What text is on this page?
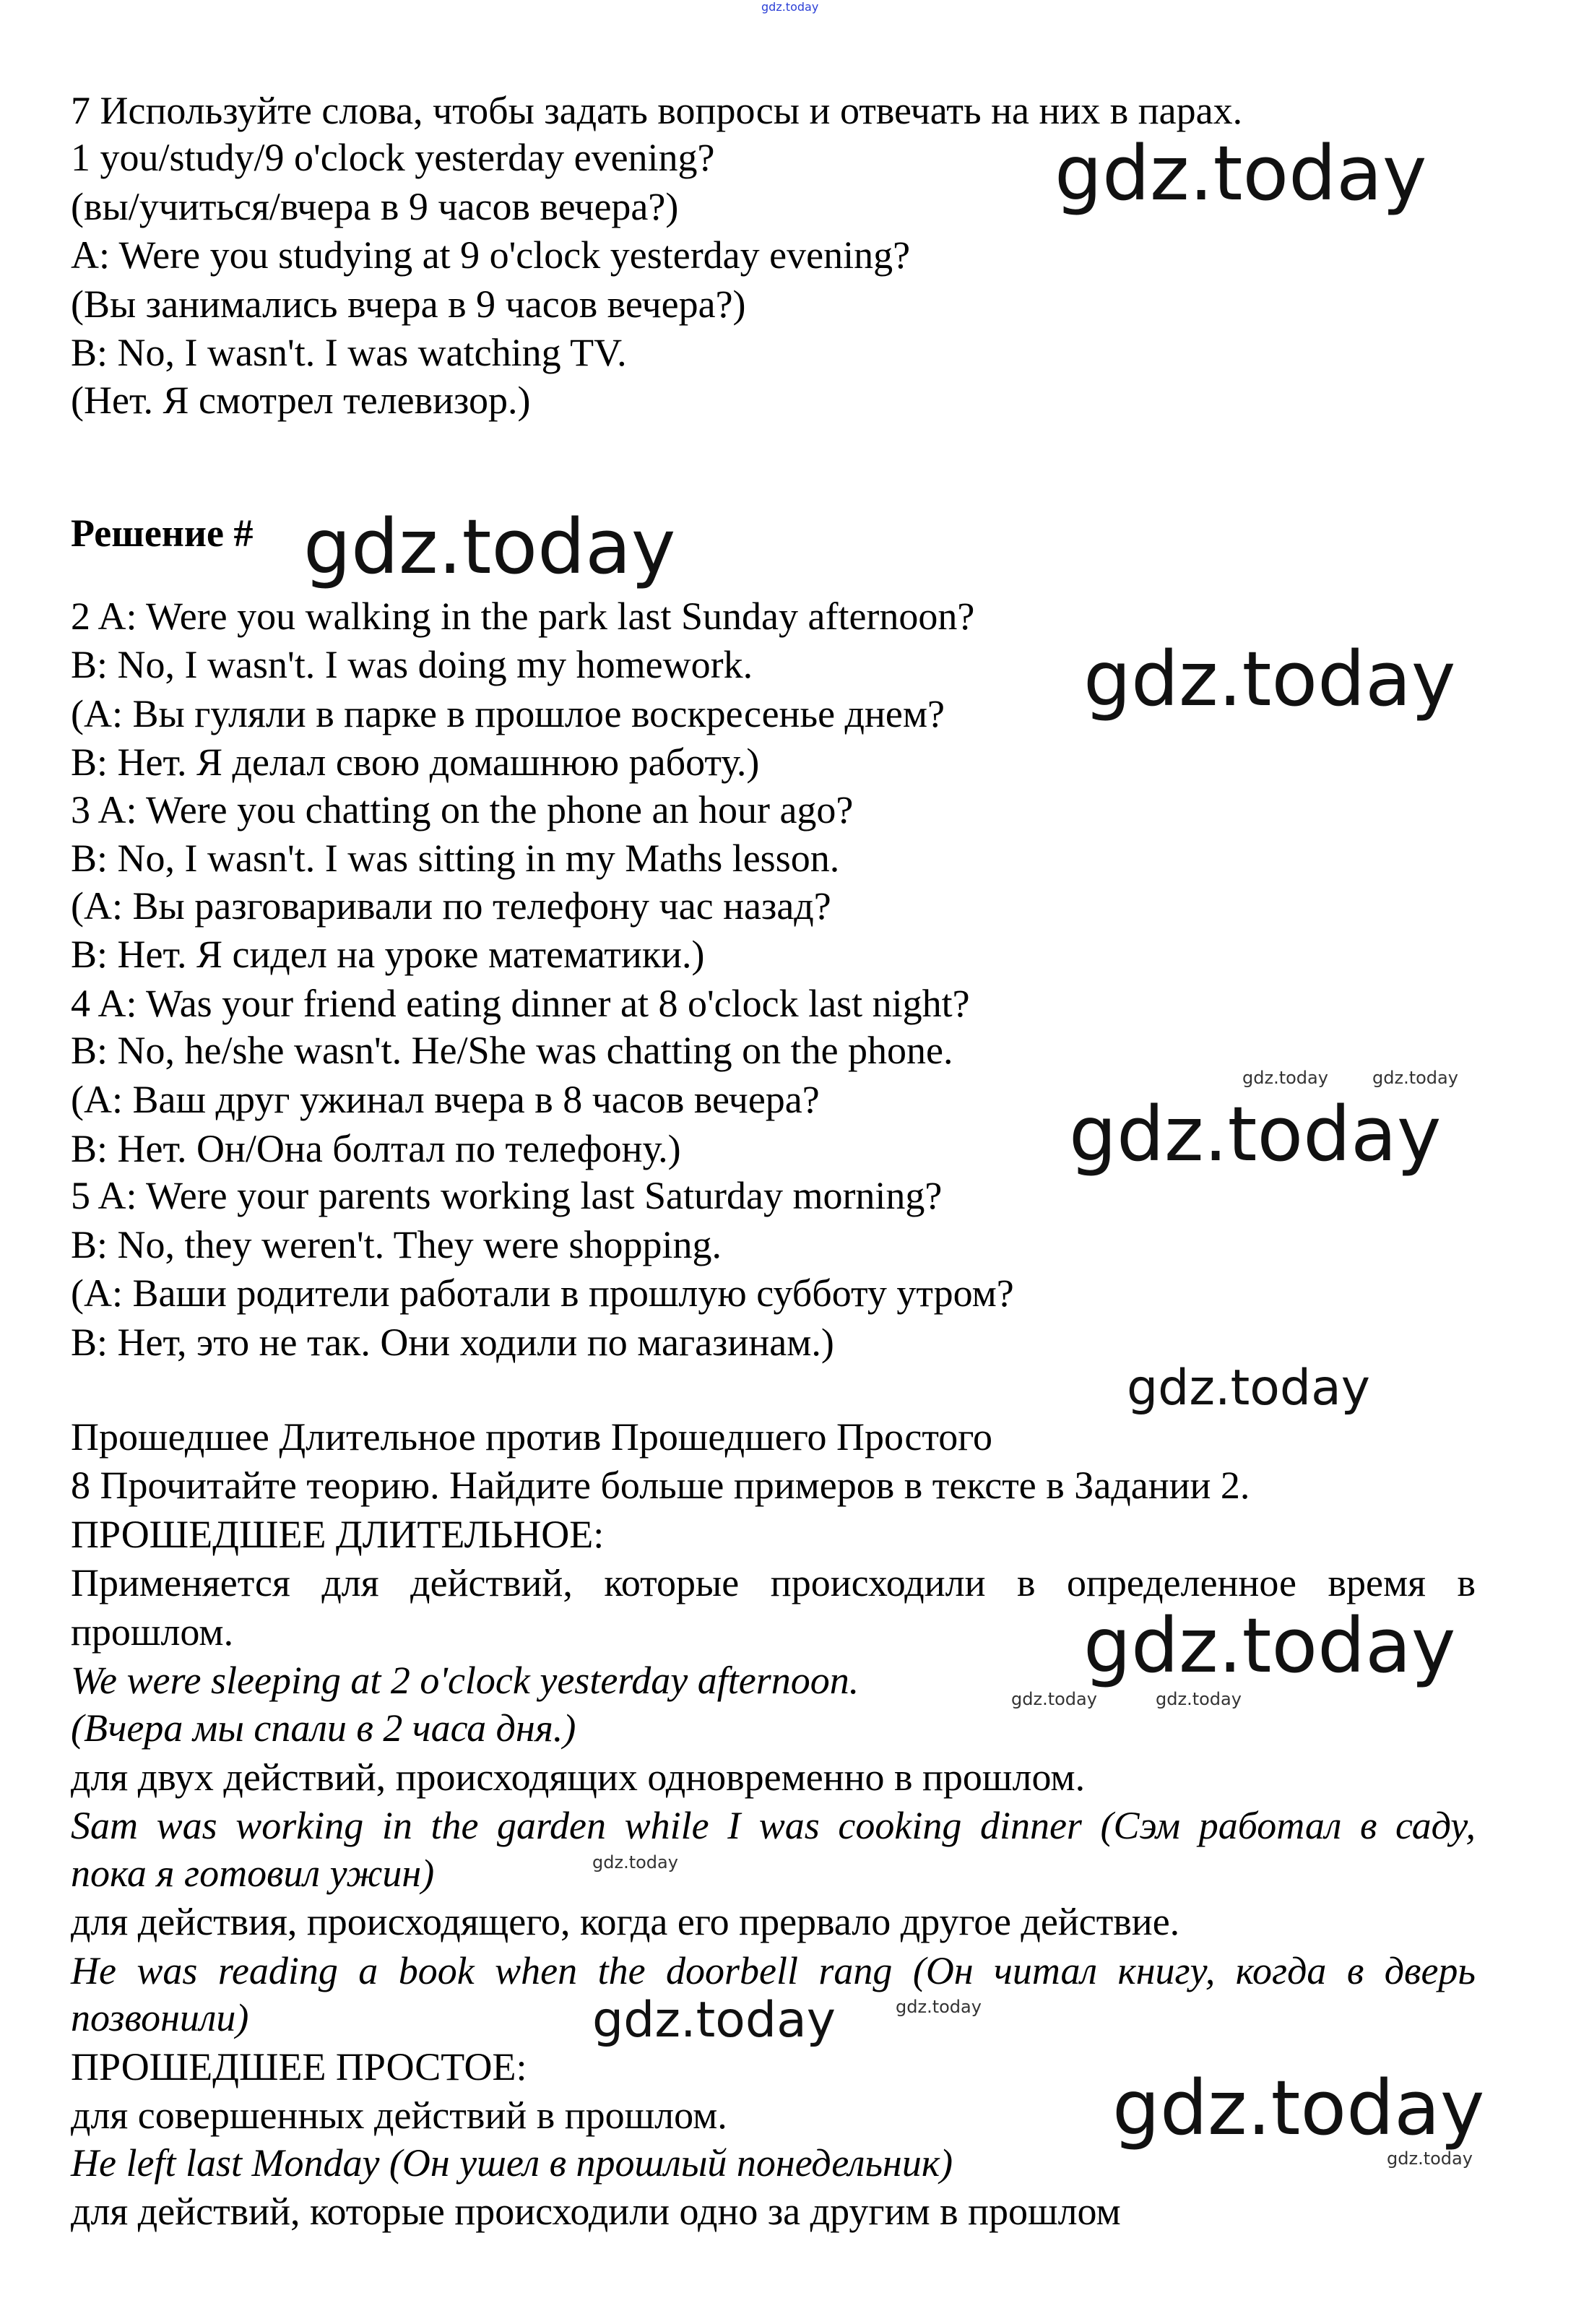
7 Используйте слова, чтобы задать вопросы и отвечать на них в парах.
1 you/study/9 o'clock yesterday evening?
(вы/учиться/вчера в 9 часов вечера?)
A: Were you studying at 9 o'clock yesterday evening?
(Вы занимались вчера в 9 часов вечера?)
B: No, I wasn't. I was watching TV.
(Нет. Я смотрел телевизор.)
Решение #
2 A: Were you walking in the park last Sunday afternoon?
B: No, I wasn't. I was doing my homework.
(А: Вы гуляли в парке в прошлое воскресенье днем?
B: Нет. Я делал свою домашнюю работу.)
3 A: Were you chatting on the phone an hour ago?
B: No, I wasn't. I was sitting in my Maths lesson.
(А: Вы разговаривали по телефону час назад?
B: Нет. Я сидел на уроке математики.)
4 A: Was your friend eating dinner at 8 o'clock last night?
B: No, he/she wasn't. He/She was chatting on the phone.
(А: Ваш друг ужинал вчера в 8 часов вечера?
B: Нет. Он/Она болтал по телефону.)
5 A: Were your parents working last Saturday morning?
B: No, they weren't. They were shopping.
(А: Ваши родители работали в прошлую субботу утром?
B: Нет, это не так. Они ходили по магазинам.)
Прошедшее Длительное против Прошедшего Простого
8 Прочитайте теорию. Найдите больше примеров в тексте в Задании 2.
ПРОШЕДШЕЕ ДЛИТЕЛЬНОЕ:
Применяется для действий, которые происходили в определенное время в
прошлом.
We were sleeping at 2 o'clock yesterday afternoon.
(Вчера мы спали в 2 часа дня.)
для двух действий, происходящих одновременно в прошлом.
Sam was working in the garden while I was cooking dinner (Сэм работал в саду,
пока я готовил ужин)
для действия, происходящего, когда его прервало другое действие.
He was reading a book when the doorbell rang (Он читал книгу, когда в дверь
позвонили)
ПРОШЕДШЕЕ ПРОСТОЕ:
для совершенных действий в прошлом.
He left last Monday (Он ушел в прошлый понедельник)
для действий, которые происходили одно за другим в прошлом
gdz.today
gdz.today
gdz.today
gdz.today
gdz.today
gdz.today
gdz.today
gdz.today
gdz.today
gdz.today	gdz.today
gdz.today	gdz.today
gdz.today
gdz.today
gdz.today
